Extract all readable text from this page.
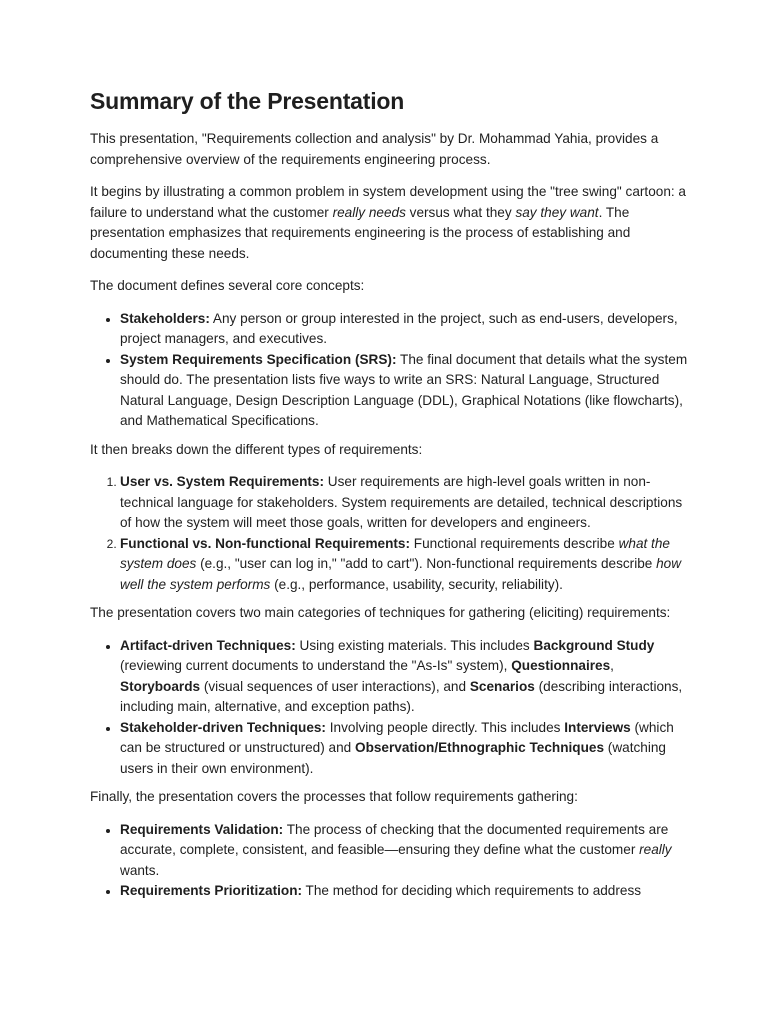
Summary of the Presentation

This presentation, "Requirements collection and analysis" by Dr. Mohammad Yahia, provides a comprehensive overview of the requirements engineering process.

It begins by illustrating a common problem in system development using the "tree swing" cartoon: a failure to understand what the customer really needs versus what they say they want. The presentation emphasizes that requirements engineering is the process of establishing and documenting these needs.

The document defines several core concepts:

• Stakeholders: Any person or group interested in the project, such as end-users, developers, project managers, and executives.
• System Requirements Specification (SRS): The final document that details what the system should do. The presentation lists five ways to write an SRS: Natural Language, Structured Natural Language, Design Description Language (DDL), Graphical Notations (like flowcharts), and Mathematical Specifications.

It then breaks down the different types of requirements:

1. User vs. System Requirements: User requirements are high-level goals written in non-technical language for stakeholders. System requirements are detailed, technical descriptions of how the system will meet those goals, written for developers and engineers.
2. Functional vs. Non-functional Requirements: Functional requirements describe what the system does (e.g., "user can log in," "add to cart"). Non-functional requirements describe how well the system performs (e.g., performance, usability, security, reliability).

The presentation covers two main categories of techniques for gathering (eliciting) requirements:

• Artifact-driven Techniques: Using existing materials. This includes Background Study (reviewing current documents to understand the "As-Is" system), Questionnaires, Storyboards (visual sequences of user interactions), and Scenarios (describing interactions, including main, alternative, and exception paths).
• Stakeholder-driven Techniques: Involving people directly. This includes Interviews (which can be structured or unstructured) and Observation/Ethnographic Techniques (watching users in their own environment).

Finally, the presentation covers the processes that follow requirements gathering:

• Requirements Validation: The process of checking that the documented requirements are accurate, complete, consistent, and feasible—ensuring they define what the customer really wants.
• Requirements Prioritization: The method for deciding which requirements to address
